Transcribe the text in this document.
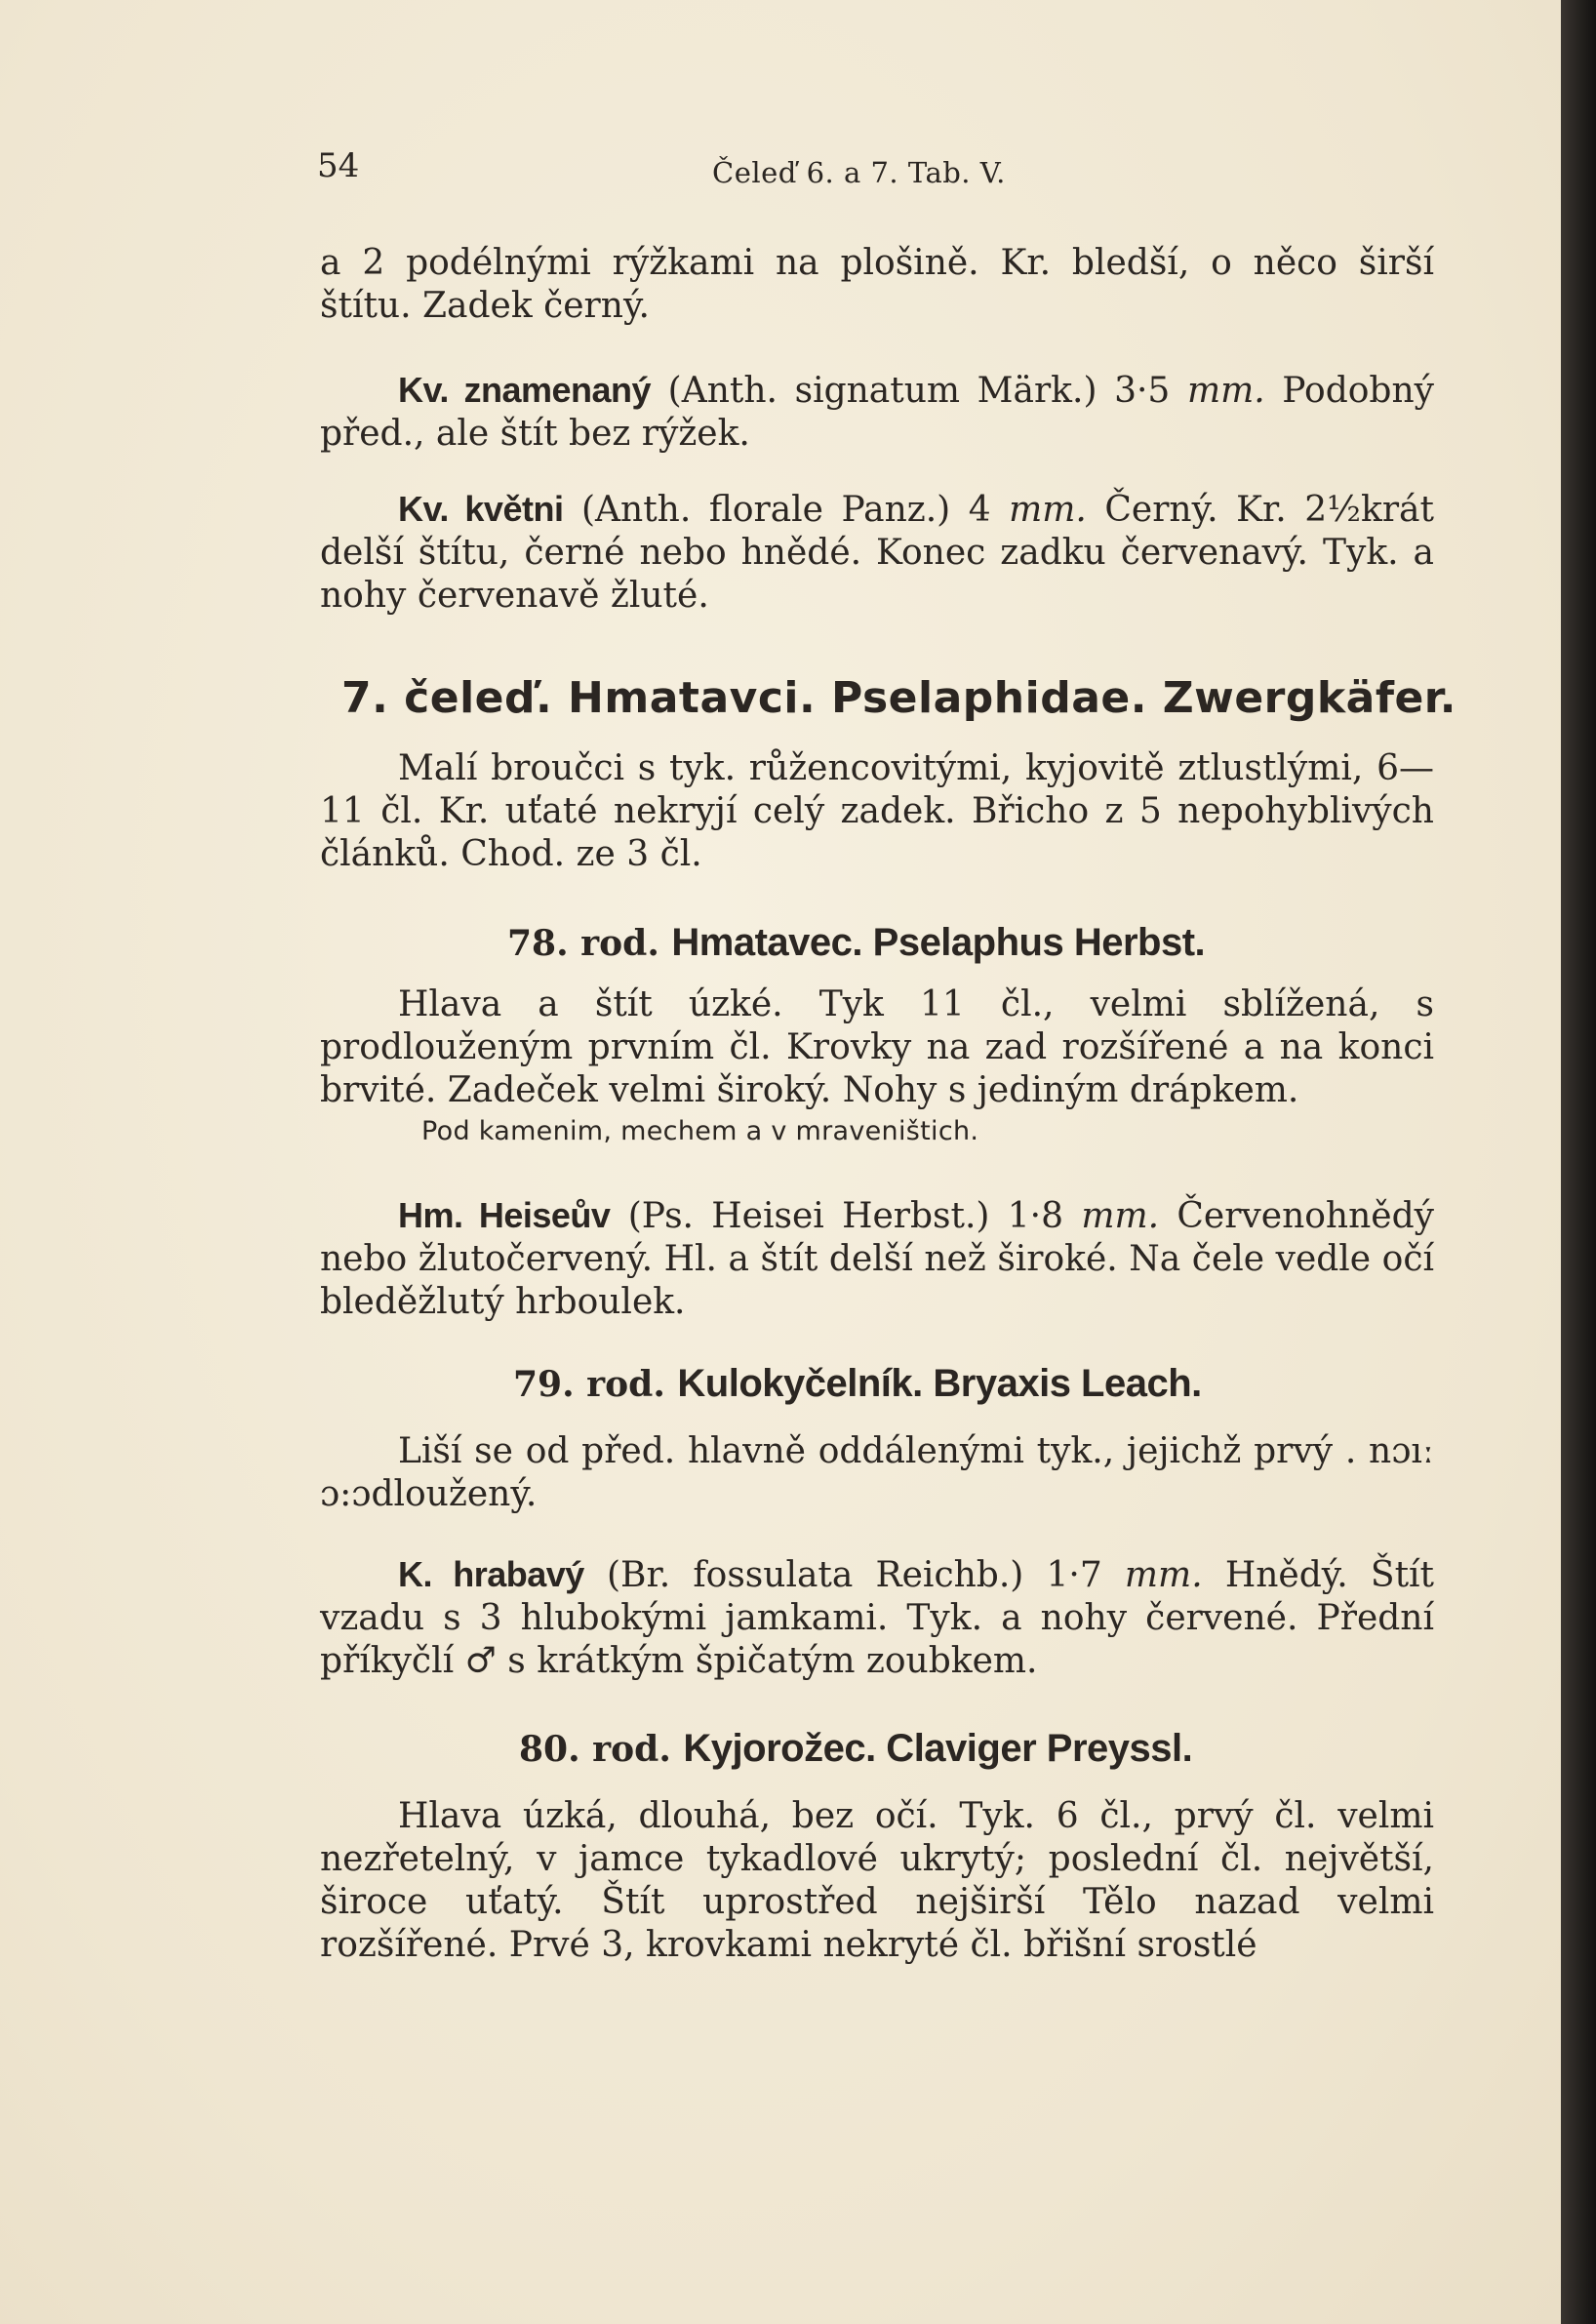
54	Čeleď 6. a 7. Tab. V.

a 2 podélnými rýžkami na plošině. Kr. bledší, o něco širší štítu. Zadek černý.

Kv. znamenaný (Anth. signatum Märk.) 3·5 mm. Podobný před., ale štít bez rýžek.

Kv. květni (Anth. florale Panz.) 4 mm. Černý. Kr. 2½krát delší štítu, černé nebo hnědé. Konec zadku červenavý. Tyk. a nohy červenavě žluté.

7. čeleď. Hmatavci. Pselaphidae. Zwergkäfer.

Malí broučci s tyk. růžencovitými, kyjovitě ztlustlými, 6—11 čl. Kr. uťaté nekryjí celý zadek. Břicho z 5 nepohyblivých článků. Chod. ze 3 čl.

78. rod. Hmatavec. Pselaphus Herbst.

Hlava a štít úzké. Tyk 11 čl., velmi sblížená, s prodlouženým prvním čl. Krovky na zad rozšířené a na konci brvité. Zadeček velmi široký. Nohy s jediným drápkem.

Pod kamenim, mechem a v mraveništich.

Hm. Heiseův (Ps. Heisei Herbst.) 1·8 mm. Červenohnědý nebo žlutočervený. Hl. a štít delší než široké. Na čele vedle očí bleděžlutý hrboulek.

79. rod. Kulokyčelník. Bryaxis Leach.

Liší se od před. hlavně oddálenými tyk., jejichž prvý . nɔıː ɔ:ɔdloužený.

K. hrabavý (Br. fossulata Reichb.) 1·7 mm. Hnědý. Štít vzadu s 3 hlubokými jamkami. Tyk. a nohy červené. Přední příkyčlí ♂ s krátkým špičatým zoubkem.

80. rod. Kyjorožec. Claviger Preyssl.

Hlava úzká, dlouhá, bez očí. Tyk. 6 čl., prvý čl. velmi nezřetelný, v jamce tykadlové ukrytý; poslední čl. největší, široce uťatý. Štít uprostřed nejširší Tělo nazad velmi rozšířené. Prvé 3, krovkami nekryté čl. břišní srostlé
